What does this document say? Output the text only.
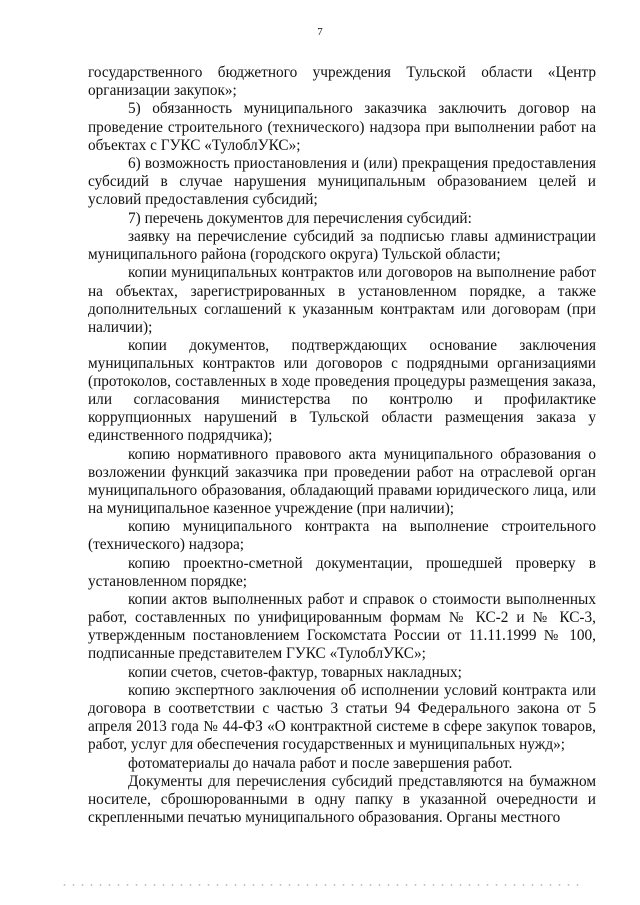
7

государственного бюджетного учреждения Тульской области «Центр организации закупок»;

5) обязанность муниципального заказчика заключить договор на проведение строительного (технического) надзора при выполнении работ на объектах с ГУКС «ТулоблУКС»;

6) возможность приостановления и (или) прекращения предоставления субсидий в случае нарушения муниципальным образованием целей и условий предоставления субсидий;

7) перечень документов для перечисления субсидий:

заявку на перечисление субсидий за подписью главы администрации муниципального района (городского округа) Тульской области;

копии муниципальных контрактов или договоров на выполнение работ на объектах, зарегистрированных в установленном порядке, а также дополнительных соглашений к указанным контрактам или договорам (при наличии);

копии документов, подтверждающих основание заключения муниципальных контрактов или договоров с подрядными организациями (протоколов, составленных в ходе проведения процедуры размещения заказа, или согласования министерства по контролю и профилактике коррупционных нарушений в Тульской области размещения заказа у единственного подрядчика);

копию нормативного правового акта муниципального образования о возложении функций заказчика при проведении работ на отраслевой орган муниципального образования, обладающий правами юридического лица, или на муниципальное казенное учреждение (при наличии);

копию муниципального контракта на выполнение строительного (технического) надзора;

копию проектно-сметной документации, прошедшей проверку в установленном порядке;

копии актов выполненных работ и справок о стоимости выполненных работ, составленных по унифицированным формам № КС-2 и № КС-3, утвержденным постановлением Госкомстата России от 11.11.1999 № 100, подписанные представителем ГУКС «ТулоблУКС»;

копии счетов, счетов-фактур, товарных накладных;

копию экспертного заключения об исполнении условий контракта или договора в соответствии с частью 3 статьи 94 Федерального закона от 5 апреля 2013 года № 44-ФЗ «О контрактной системе в сфере закупок товаров, работ, услуг для обеспечения государственных и муниципальных нужд»;

фотоматериалы до начала работ и после завершения работ.

Документы для перечисления субсидий представляются на бумажном носителе, сброшюрованными в одну папку в указанной очередности и скрепленными печатью муниципального образования. Органы местного
